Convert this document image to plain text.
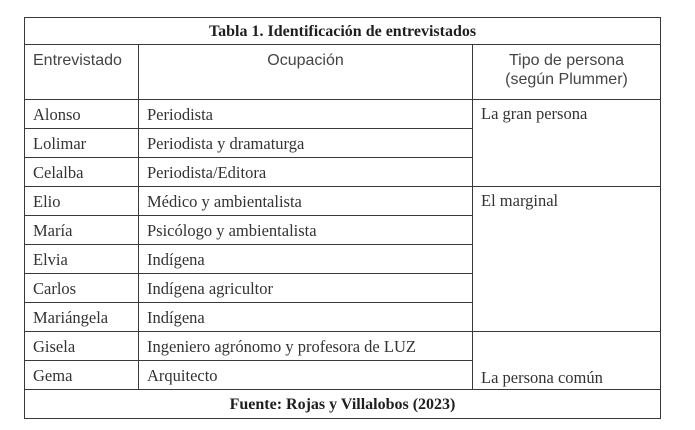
Tabla 1. Identificación de entrevistados		
Entrevistado	Ocupación	Tipo de persona
(según Plummer)

Alonso	Periodista	La gran persona
Lolimar	Periodista y dramaturga	
Celalba	Periodista/Editora	
Elio	Médico y ambientalista	El marginal
María	Psicólogo y ambientalista	
Elvia	Indígena	
Carlos	Indígena agricultor	
Mariángela	Indígena	
Gisela	Ingeniero agrónomo y profesora de LUZ	La persona común
Gema	Arquitecto	
Fuente: Rojas y Villalobos (2023)		
